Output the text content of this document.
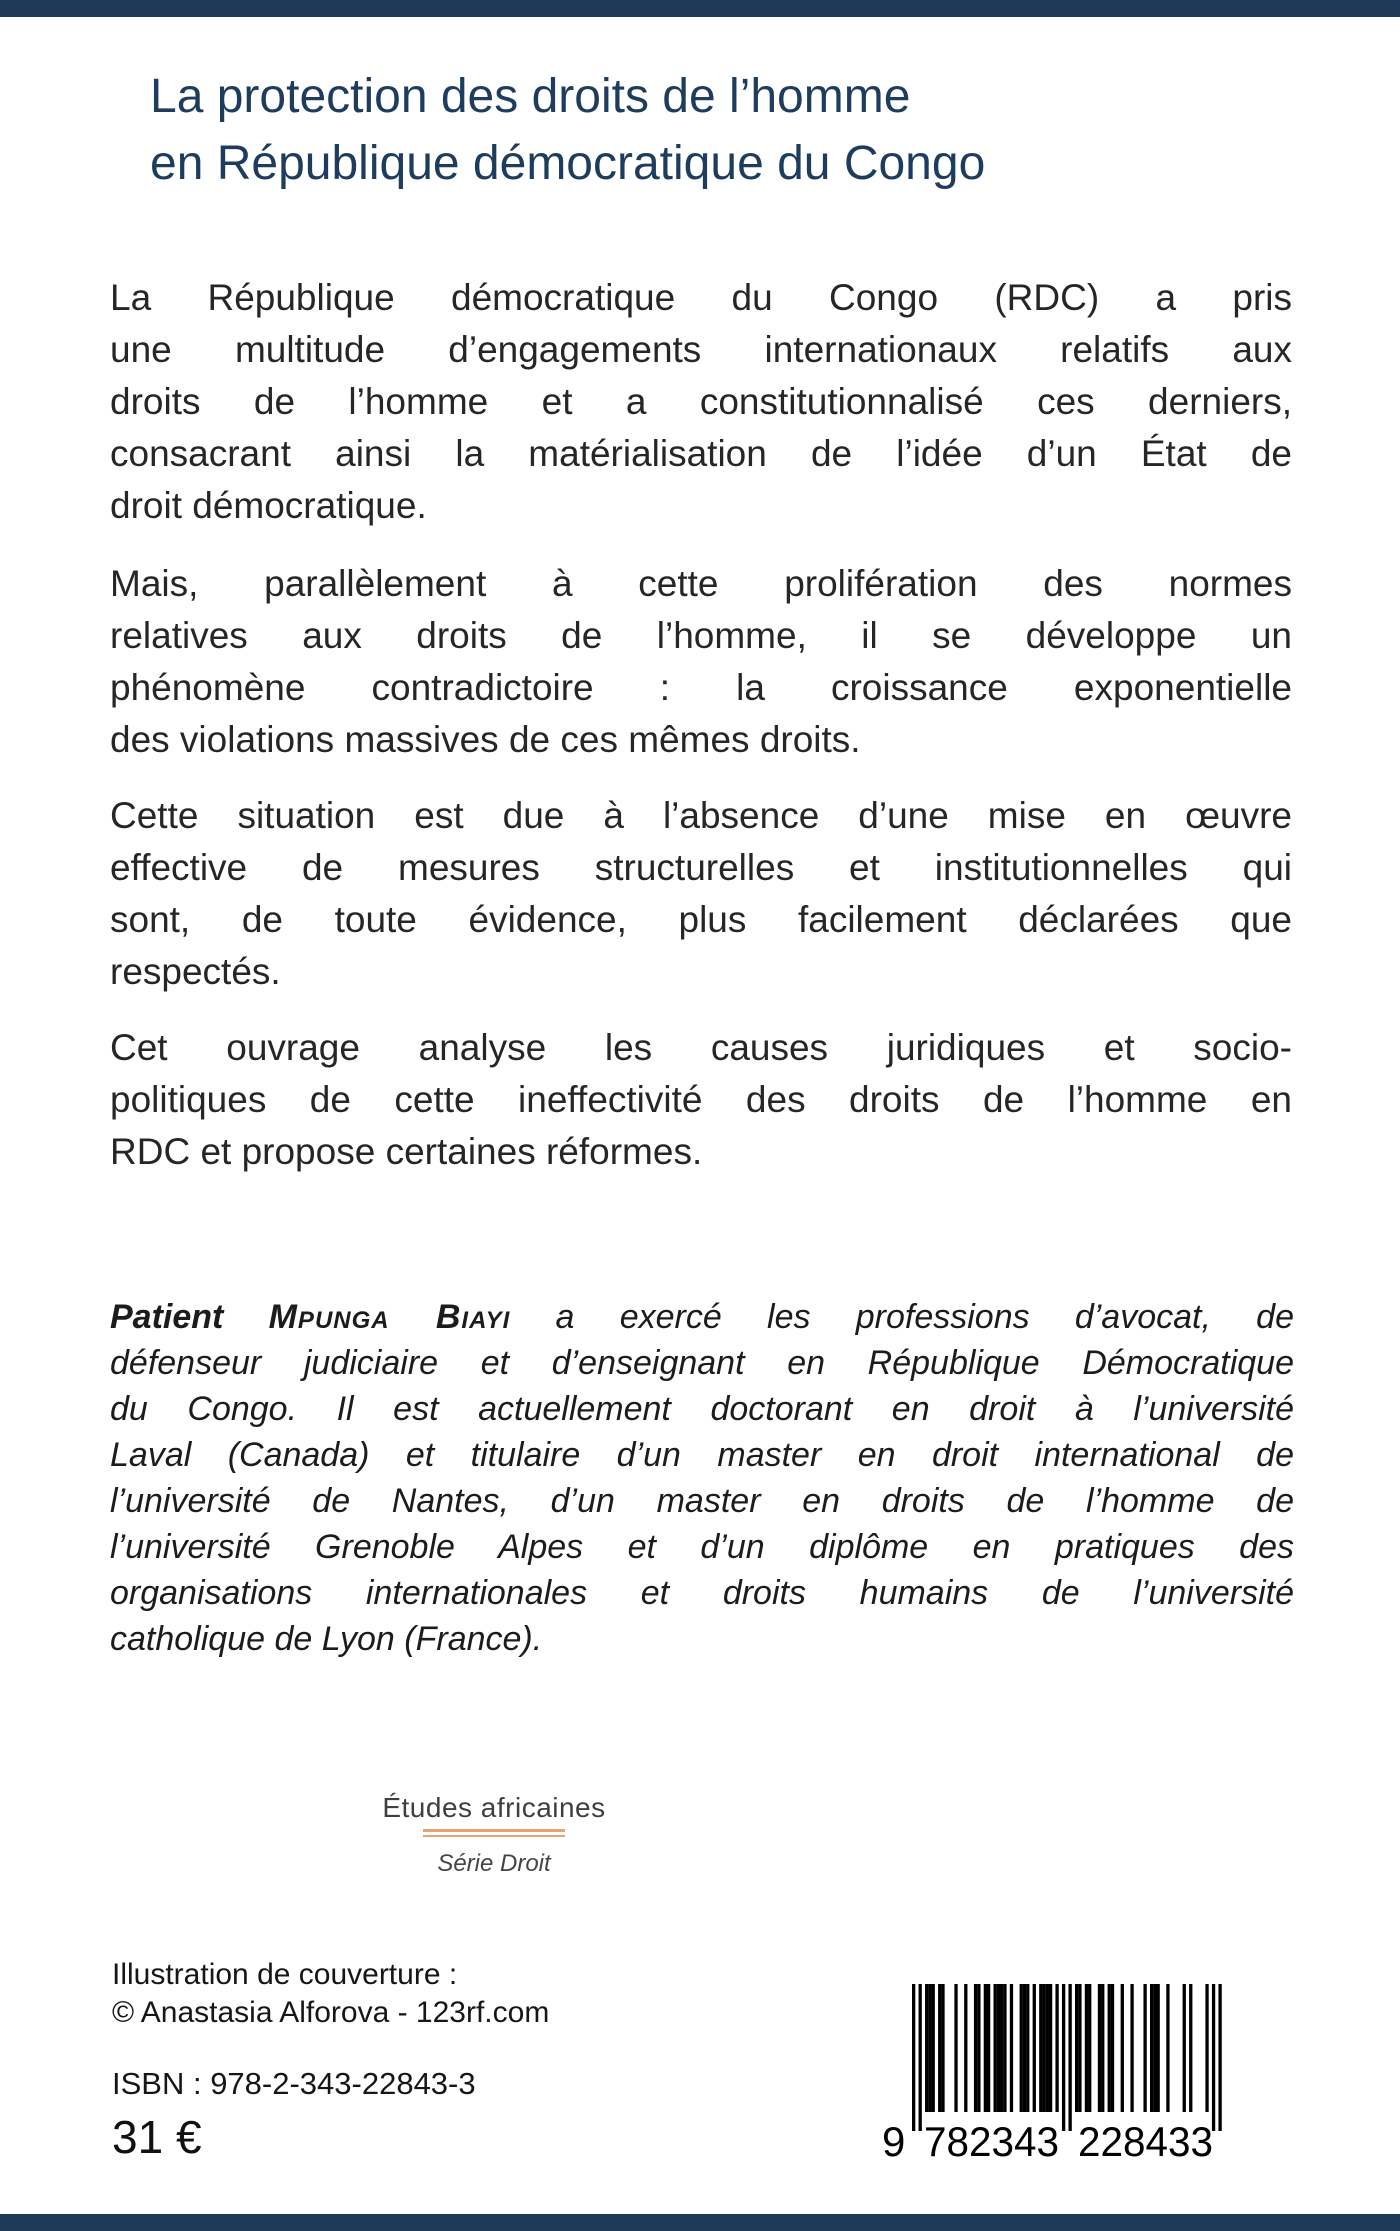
La protection des droits de l’homme
en République démocratique du Congo
La République démocratique du Congo (RDC) a pris
une multitude d’engagements internationaux relatifs aux
droits de l’homme et a constitutionnalisé ces derniers,
consacrant ainsi la matérialisation de l’idée d’un État de
droit démocratique.
Mais, parallèlement à cette prolifération des normes
relatives aux droits de l’homme, il se développe un
phénomène contradictoire : la croissance exponentielle
des violations massives de ces mêmes droits.
Cette situation est due à l’absence d’une mise en œuvre
effective de mesures structurelles et institutionnelles qui
sont, de toute évidence, plus facilement déclarées que
respectés.
Cet ouvrage analyse les causes juridiques et socio-
politiques de cette ineffectivité des droits de l’homme en
RDC et propose certaines réformes.
Patient Mpunga Biayi a exercé les professions d’avocat, de
défenseur judiciaire et d’enseignant en République Démocratique
du Congo. Il est actuellement doctorant en droit à l’université
Laval (Canada) et titulaire d’un master en droit international de
l’université de Nantes, d’un master en droits de l’homme de
l’université Grenoble Alpes et d’un diplôme en pratiques des
organisations internationales et droits humains de l’université
catholique de Lyon (France).
Études africaines
Série Droit
Illustration de couverture :
© Anastasia Alforova - 123rf.com
ISBN : 978-2-343-22843-3
31 €	9 782343 228433
